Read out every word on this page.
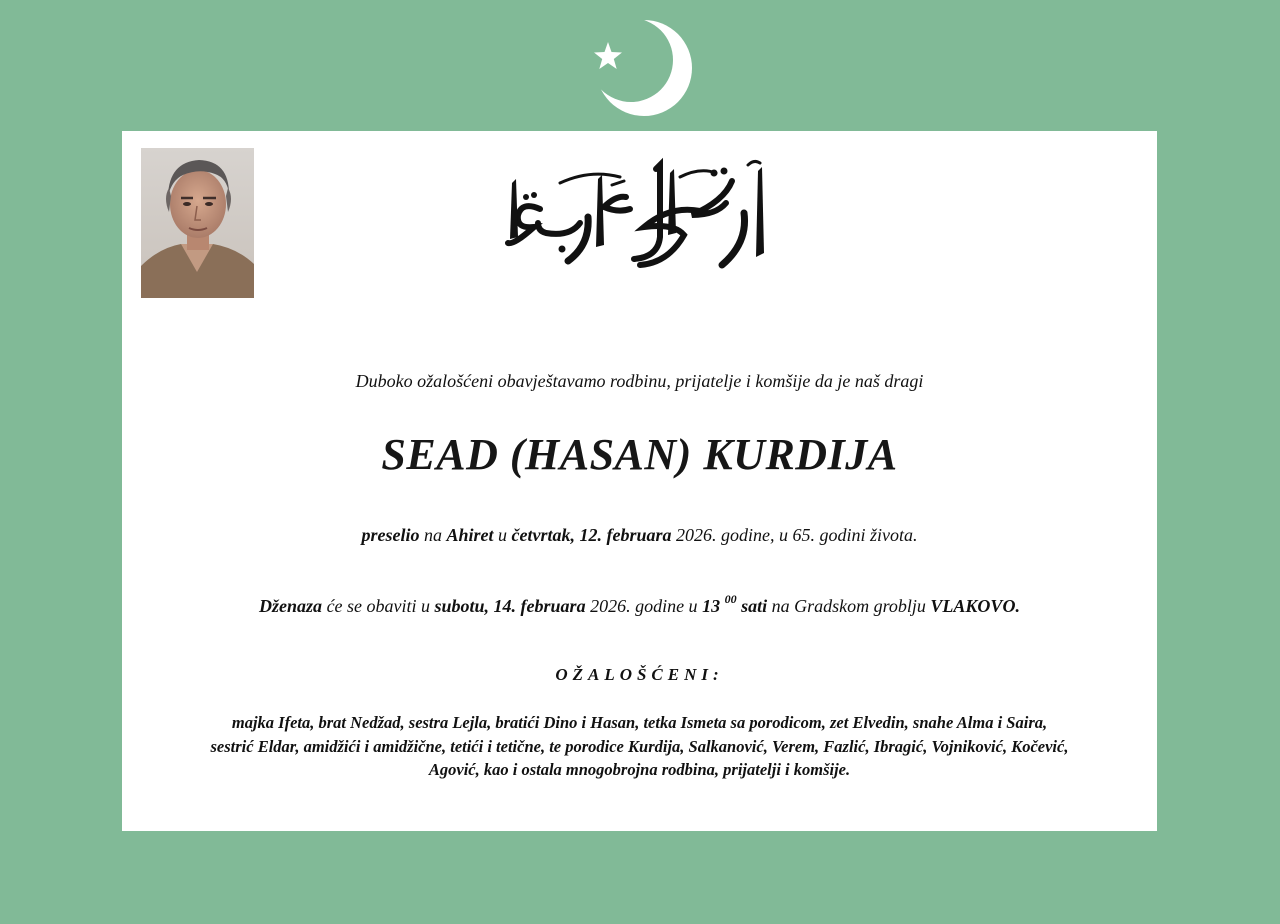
Duboko ožalošćeni obavještavamo rodbinu, prijatelje i komšije da je naš dragi
SEAD (HASAN) KURDIJA
preselio na Ahiret u četvrtak, 12. februara 2026. godine, u 65. godini života.
Dženaza će se obaviti u subotu, 14. februara 2026. godine u 13 $^{00}$ sati na Gradskom groblju VLAKOVO.
OŽALOŠĆENI:
majka Ifeta, brat Nedžad, sestra Lejla, bratići Dino i Hasan, tetka Ismeta sa porodicom, zet Elvedin, snahe Alma i Saira,
sestrić Eldar, amidžići i amidžične, tetići i tetične, te porodice Kurdija, Salkanović, Verem, Fazlić, Ibragić, Vojniković, Kočević,
Agović, kao i ostala mnogobrojna rodbina, prijatelji i komšije.
